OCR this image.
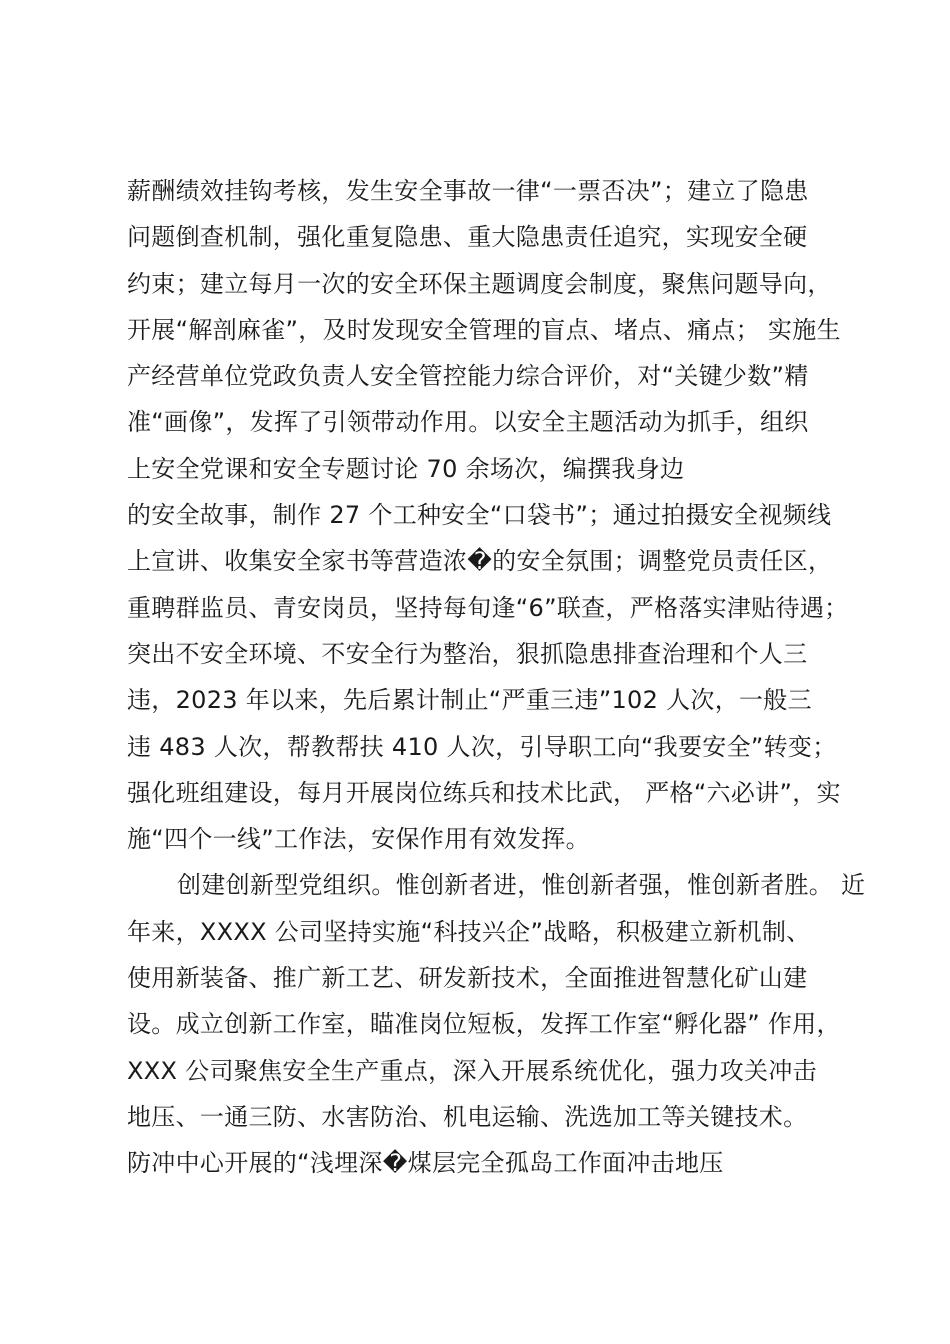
薪酬绩效挂钩考核，发生安全事故一律“一票否决”；建立了隐患
问题倒查机制，强化重复隐患、重大隐患责任追究，实现安全硬
约束；建立每月一次的安全环保主题调度会制度，聚焦问题导向，
开展“解剖麻雀”，及时发现安全管理的盲点、堵点、痛点； 实施生
产经营单位党政负责人安全管控能力综合评价，对“关键少数”精
准“画像”，发挥了引领带动作用。以安全主题活动为抓手，组织
上安全党课和安全专题讨论 70 余场次，编撰我身边
的安全故事，制作 27 个工种安全“口袋书”；通过拍摄安全视频线
上宣讲、收集安全家书等营造浓�的安全氛围；调整党员责任区，
重聘群监员、青安岗员，坚持每旬逢“6”联查，严格落实津贴待遇；
突出不安全环境、不安全行为整治，狠抓隐患排查治理和个人三
违，2023 年以来，先后累计制止“严重三违”102 人次，一般三
违 483 人次，帮教帮扶 410 人次，引导职工向“我要安全”转变；
强化班组建设，每月开展岗位练兵和技术比武， 严格“六必讲”，实
施“四个一线”工作法，安保作用有效发挥。
创建创新型党组织。惟创新者进，惟创新者强，惟创新者胜。 近
年来，XXXX 公司坚持实施“科技兴企”战略，积极建立新机制、
使用新装备、推广新工艺、研发新技术，全面推进智慧化矿山建
设。成立创新工作室，瞄准岗位短板，发挥工作室“孵化器” 作用，
XXX 公司聚焦安全生产重点，深入开展系统优化，强力攻关冲击
地压、一通三防、水害防治、机电运输、洗选加工等关键技术。
防冲中心开展的“浅埋深�煤层完全孤岛工作面冲击地压
